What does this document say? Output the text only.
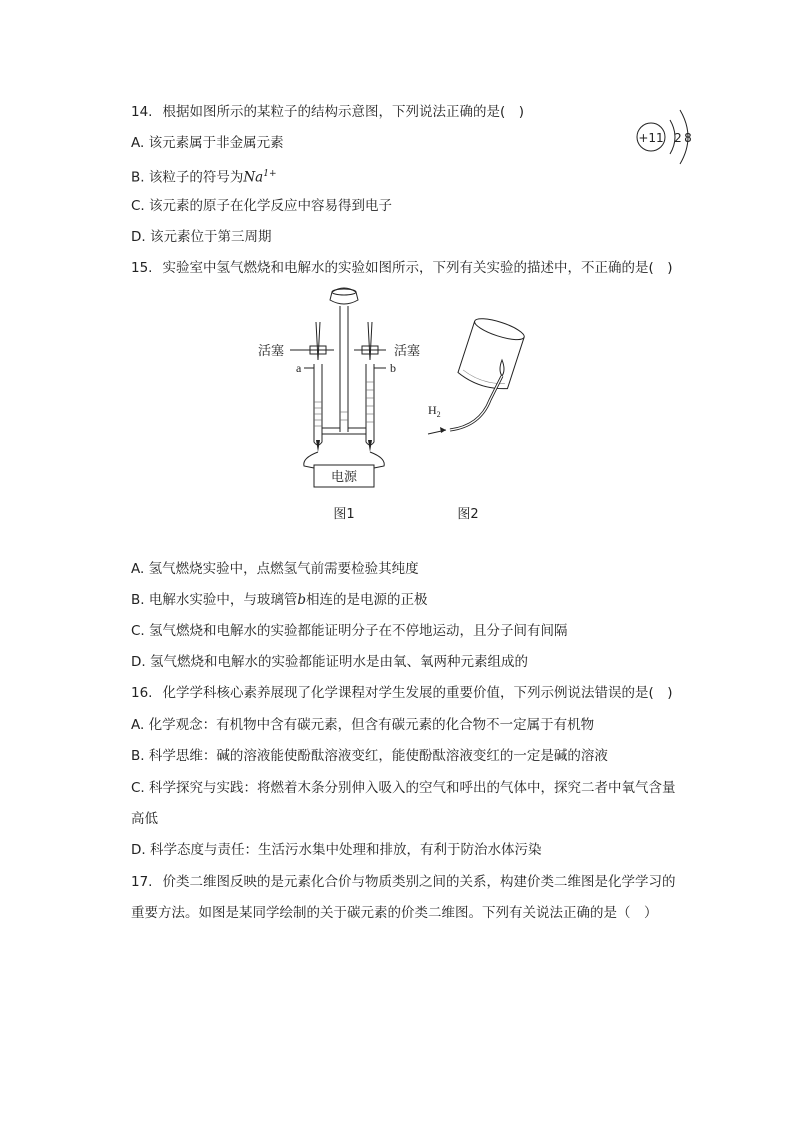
14. 根据如图所示的某粒子的结构示意图，下列说法正确的是(　)
A. 该元素属于非金属元素
B. 该粒子的符号为$Na^{1+}$
C. 该元素的原子在化学反应中容易得到电子
D. 该元素位于第三周期
+11 2 8
15. 实验室中氢气燃烧和电解水的实验如图所示，下列有关实验的描述中，不正确的是(　)
电源
活塞	活塞
a	b
图1
$H_2$
图2
A. 氢气燃烧实验中，点燃氢气前需要检验其纯度
B. 电解水实验中，与玻璃管b相连的是电源的正极
C. 氢气燃烧和电解水的实验都能证明分子在不停地运动，且分子间有间隔
D. 氢气燃烧和电解水的实验都能证明水是由氧、氧两种元素组成的
16. 化学学科核心素养展现了化学课程对学生发展的重要价值，下列示例说法错误的是(　)
A. 化学观念：有机物中含有碳元素，但含有碳元素的化合物不一定属于有机物
B. 科学思维：碱的溶液能使酚酞溶液变红，能使酚酞溶液变红的一定是碱的溶液
C. 科学探究与实践：将燃着木条分别伸入吸入的空气和呼出的气体中，探究二者中氧气含量
高低
D. 科学态度与责任：生活污水集中处理和排放，有利于防治水体污染
17. 价类二维图反映的是元素化合价与物质类别之间的关系，构建价类二维图是化学学习的
重要方法。如图是某同学绘制的关于碳元素的价类二维图。下列有关说法正确的是（　）
